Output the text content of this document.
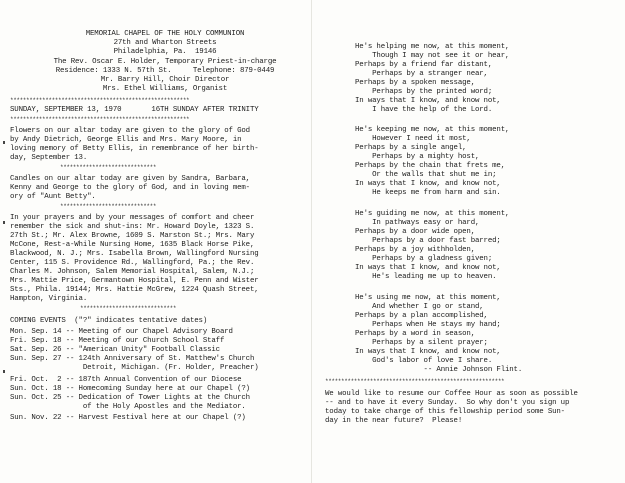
MEMORIAL CHAPEL OF THE HOLY COMMUNION
27th and Wharton Streets
Philadelphia, Pa.  19146
The Rev. Oscar E. Holder, Temporary Priest-in-charge
Residence: 1333 N. 57th St.     Telephone: 879-0449
Mr. Barry Hill, Choir Director
Mrs. Ethel Williams, Organist
********************************************************
SUNDAY, SEPTEMBER 13, 1970       16TH SUNDAY AFTER TRINITY
********************************************************
Flowers on our altar today are given to the glory of God
by Andy Dietrich, George Ellis and Mrs. Mary Moore, in
loving memory of Betty Ellis, in remembrance of her birth-
day, September 13.
******************************
Candles on our altar today are given by Sandra, Barbara,
Kenny and George to the glory of God, and in loving mem-
ory of "Aunt Betty".
******************************
In your prayers and by your messages of comfort and cheer
remember the sick and shut-ins: Mr. Howard Doyle, 1323 S.
27th St.; Mr. Alex Browne, 1609 S. Marston St.; Mrs. Mary
McCone, Rest-a-While Nursing Home, 1635 Black Horse Pike,
Blackwood, N. J.; Mrs. Isabella Brown, Wallingford Nursing
Center, 115 S. Providence Rd., Wallingford, Pa.; the Rev.
Charles M. Johnson, Salem Memorial Hospital, Salem, N.J.;
Mrs. Mattie Price, Germantown Hospital, E. Penn and Wister
Sts., Phila. 19144; Mrs. Hattie McGrew, 1224 Quash Street,
Hampton, Virginia.
******************************
COMING EVENTS  ("?" indicates tentative dates)
Mon. Sep. 14 -- Meeting of our Chapel Advisory Board
Fri. Sep. 18 -- Meeting of our Church School Staff
Sat. Sep. 26 -- "American Unity" Football Classic
Sun. Sep. 27 -- 124th Anniversary of St. Matthew's Church
Detroit, Michigan. (Fr. Holder, Preacher)
Fri. Oct.  2 -- 187th Annual Convention of our Diocese
Sun. Oct. 18 -- Homecoming Sunday here at our Chapel (?)
Sun. Oct. 25 -- Dedication of Tower Lights at the Church
of the Holy Apostles and the Mediator.
Sun. Nov. 22 -- Harvest Festival here at our Chapel (?)
He's helping me now, at this moment,
Though I may not see it or hear,
Perhaps by a friend far distant,
Perhaps by a stranger near,
Perhaps by a spoken message,
Perhaps by the printed word;
In ways that I know, and know not,
I have the help of the Lord.
He's keeping me now, at this moment,
However I need it most,
Perhaps by a single angel,
Perhaps by a mighty host,
Perhaps by the chain that frets me,
Or the walls that shut me in;
In ways that I know, and know not,
He keeps me from harm and sin.
He's guiding me now, at this moment,
In pathways easy or hard,
Perhaps by a door wide open,
Perhaps by a door fast barred;
Perhaps by a joy withholden,
Perhaps by a gladness given;
In ways that I know, and know not,
He's leading me up to heaven.
He's using me now, at this moment,
And whether I go or stand,
Perhaps by a plan accomplished,
Perhaps when He stays my hand;
Perhaps by a word in season,
Perhaps by a silent prayer;
In ways that I know, and know not,
God's labor of love I share.
-- Annie Johnson Flint.
********************************************************
We would like to resume our Coffee Hour as soon as possible
-- and to have it every Sunday.  So why don't you sign up
today to take charge of this fellowship period some Sun-
day in the near future?  Please!
